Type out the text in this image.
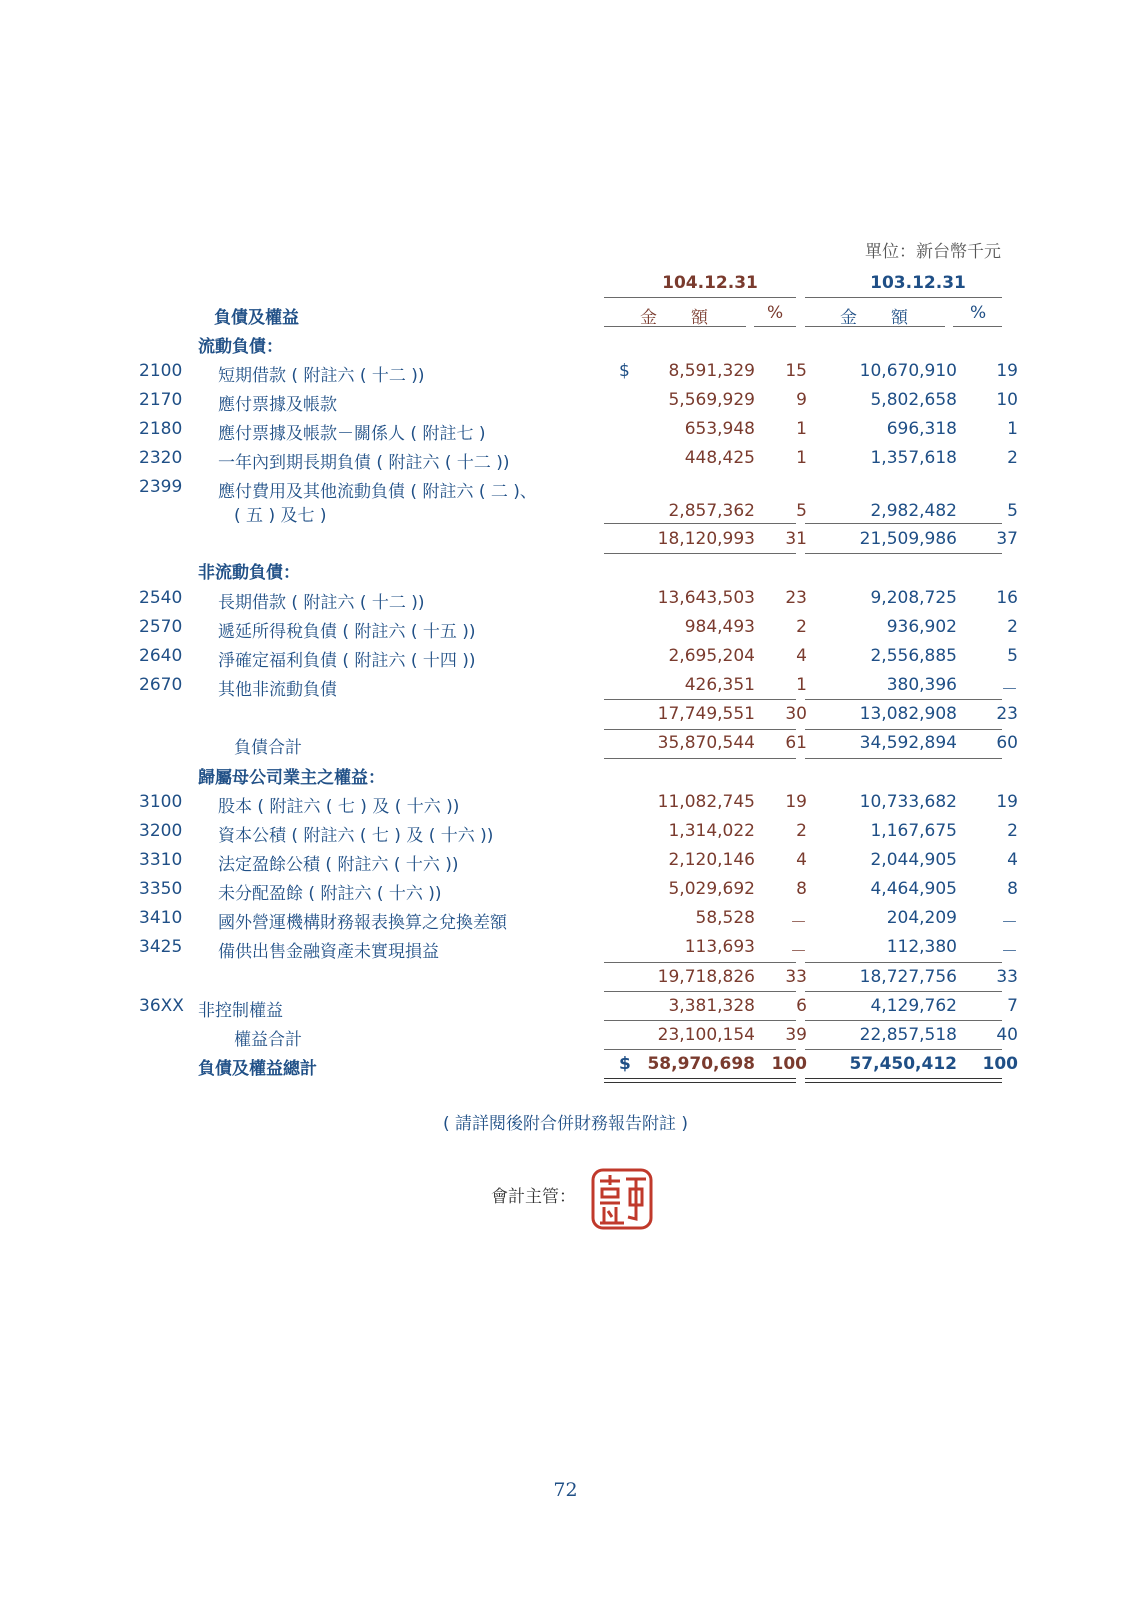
單位：新台幣千元
104.12.31	103.12.31
負債及權益	金　　額	%	金　　額	%
流動負債：
2100 短期借款 ( 附註六 ( 十二 ))	$ 8,591,329 15	10,670,910 19
2170 應付票據及帳款	5,569,929 9	5,802,658 10
2180 應付票據及帳款－關係人 ( 附註七 )	653,948 1	696,318	1
2320 一年內到期長期負債 ( 附註六 ( 十二 ))	448,425 1	1,357,618	2
2399 應付費用及其他流動負債 ( 附註六 ( 二 )、
( 五 ) 及七 )	2,857,362 5	2,982,482	5
18,120,993 31	21,509,986 37
非流動負債：
2540 長期借款 ( 附註六 ( 十二 ))	13,643,503 23	9,208,725 16
2570 遞延所得稅負債 ( 附註六 ( 十五 ))	984,493 2	936,902	2
2640 淨確定福利負債 ( 附註六 ( 十四 ))	2,695,204 4	2,556,885	5
2670 其他非流動負債	426,351 1	380,396	－
17,749,551 30	13,082,908 23
負債合計	35,870,544 61	34,592,894 60
歸屬母公司業主之權益：
3100 股本 ( 附註六 ( 七 ) 及 ( 十六 ))	11,082,745 19	10,733,682 19
3200 資本公積 ( 附註六 ( 七 ) 及 ( 十六 ))	1,314,022 2	1,167,675	2
3310 法定盈餘公積 ( 附註六 ( 十六 ))	2,120,146 4	2,044,905	4
3350 未分配盈餘 ( 附註六 ( 十六 ))	5,029,692 8	4,464,905	8
3410 國外營運機構財務報表換算之兌換差額	58,528 －	204,209	－
3425 備供出售金融資產未實現損益	113,693 －	112,380	－
19,718,826 33	18,727,756 33
36XX 非控制權益	3,381,328 6	4,129,762	7
權益合計	23,100,154 39	22,857,518 40
負債及權益總計	$ 58,970,698 100 57,450,412 100
( 請詳閱後附合併財務報告附註 )
會計主管：
72
